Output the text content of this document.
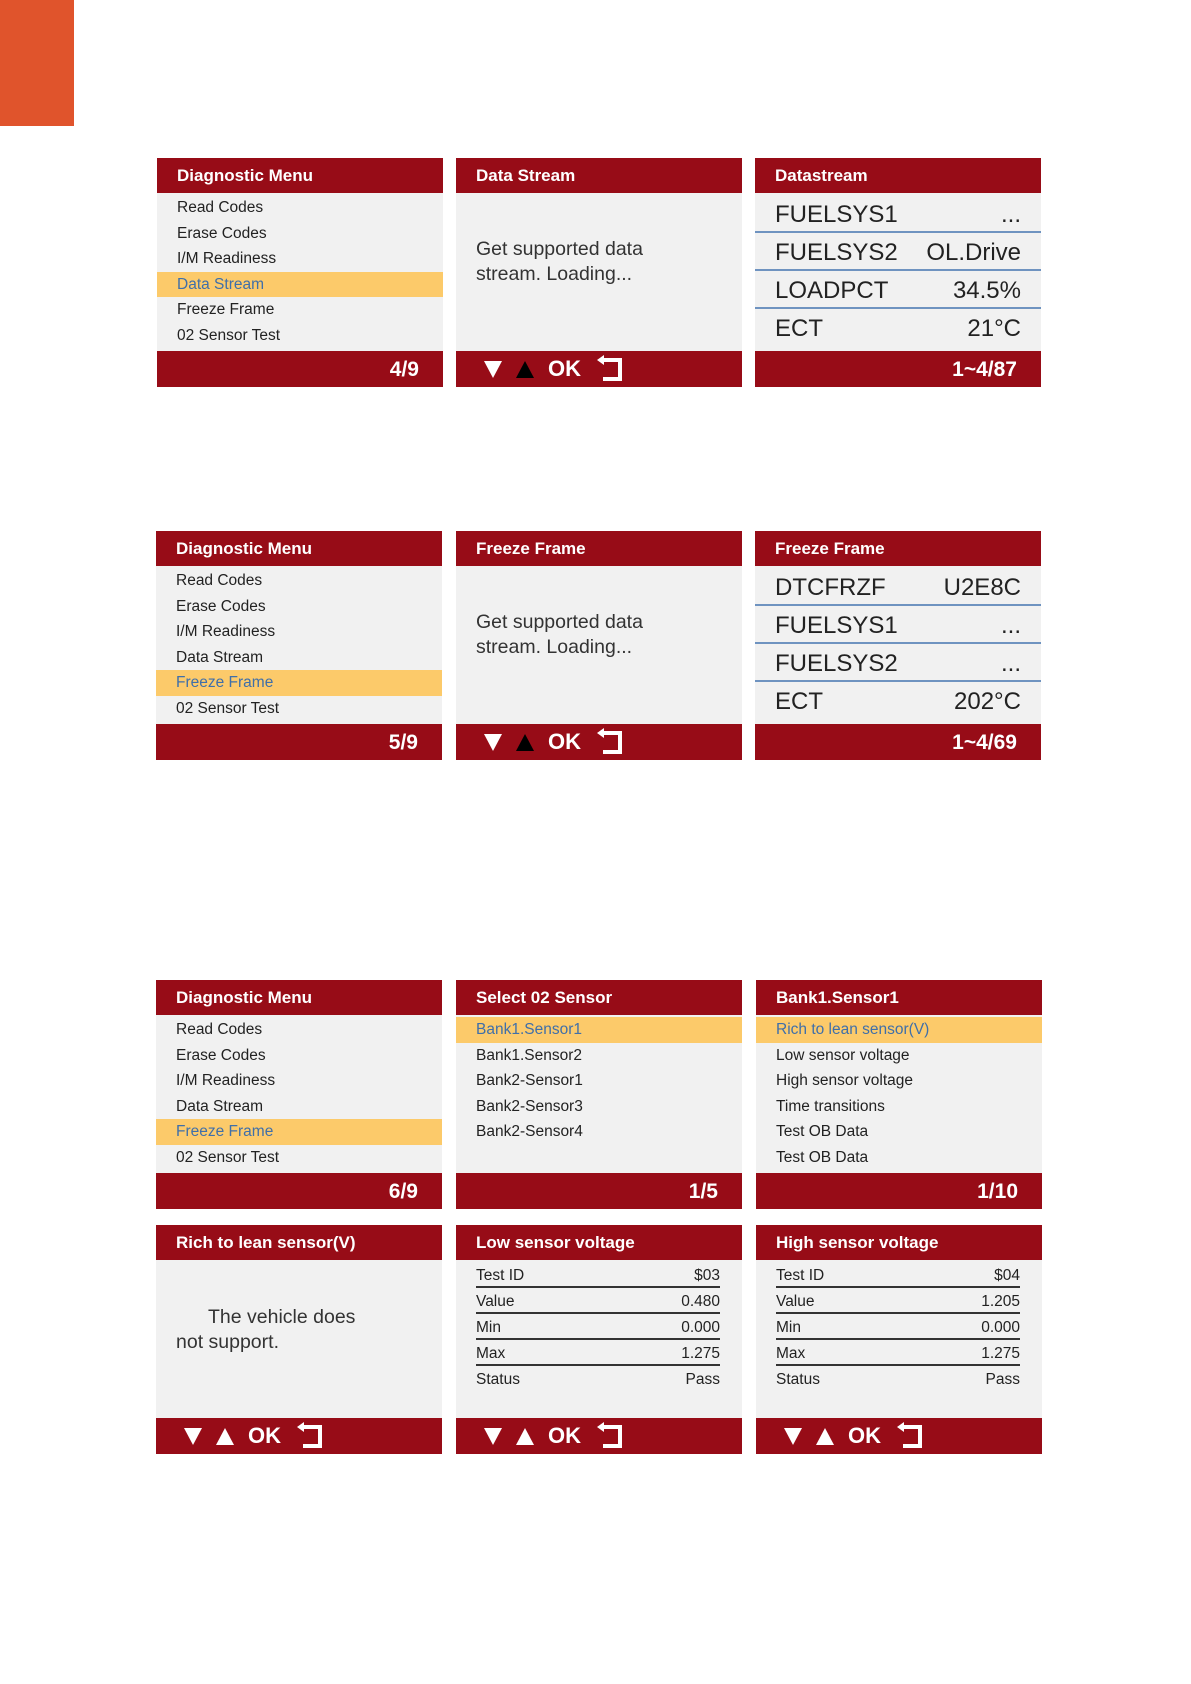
Diagnostic Menu
Read Codes
Erase Codes
I/M Readiness
Data Stream
Freeze Frame
02 Sensor Test
4/9
Data Stream
Get supported data
stream. Loading...
OK
Datastream
FUELSYS1	...
FUELSYS2 OL.Drive
LOADPCT	34.5%
ECT	21°C
1~4/87
Diagnostic Menu
Read Codes
Erase Codes
I/M Readiness
Data Stream
Freeze Frame
02 Sensor Test
5/9
Freeze Frame
Get supported data
stream. Loading...
OK
Freeze Frame
DTCFRZF U2E8C
FUELSYS1	...
FUELSYS2	...
ECT	202°C
1~4/69
Diagnostic Menu
Read Codes
Erase Codes
I/M Readiness
Data Stream
Freeze Frame
02 Sensor Test
6/9
Select 02 Sensor
Bank1.Sensor1
Bank1.Sensor2
Bank2-Sensor1
Bank2-Sensor3
Bank2-Sensor4
1/5
Bank1.Sensor1
Rich to lean sensor(V)
Low sensor voltage
High sensor voltage
Time transitions
Test OB Data
Test OB Data
1/10
Rich to lean sensor(V)
The vehicle does
not support.
OK
Low sensor voltage
Test ID	$03
Value	0.480
Min	0.000
Max	1.275
Status	Pass
OK
High sensor voltage
Test ID	$04
Value	1.205
Min	0.000
Max	1.275
Status	Pass
OK
